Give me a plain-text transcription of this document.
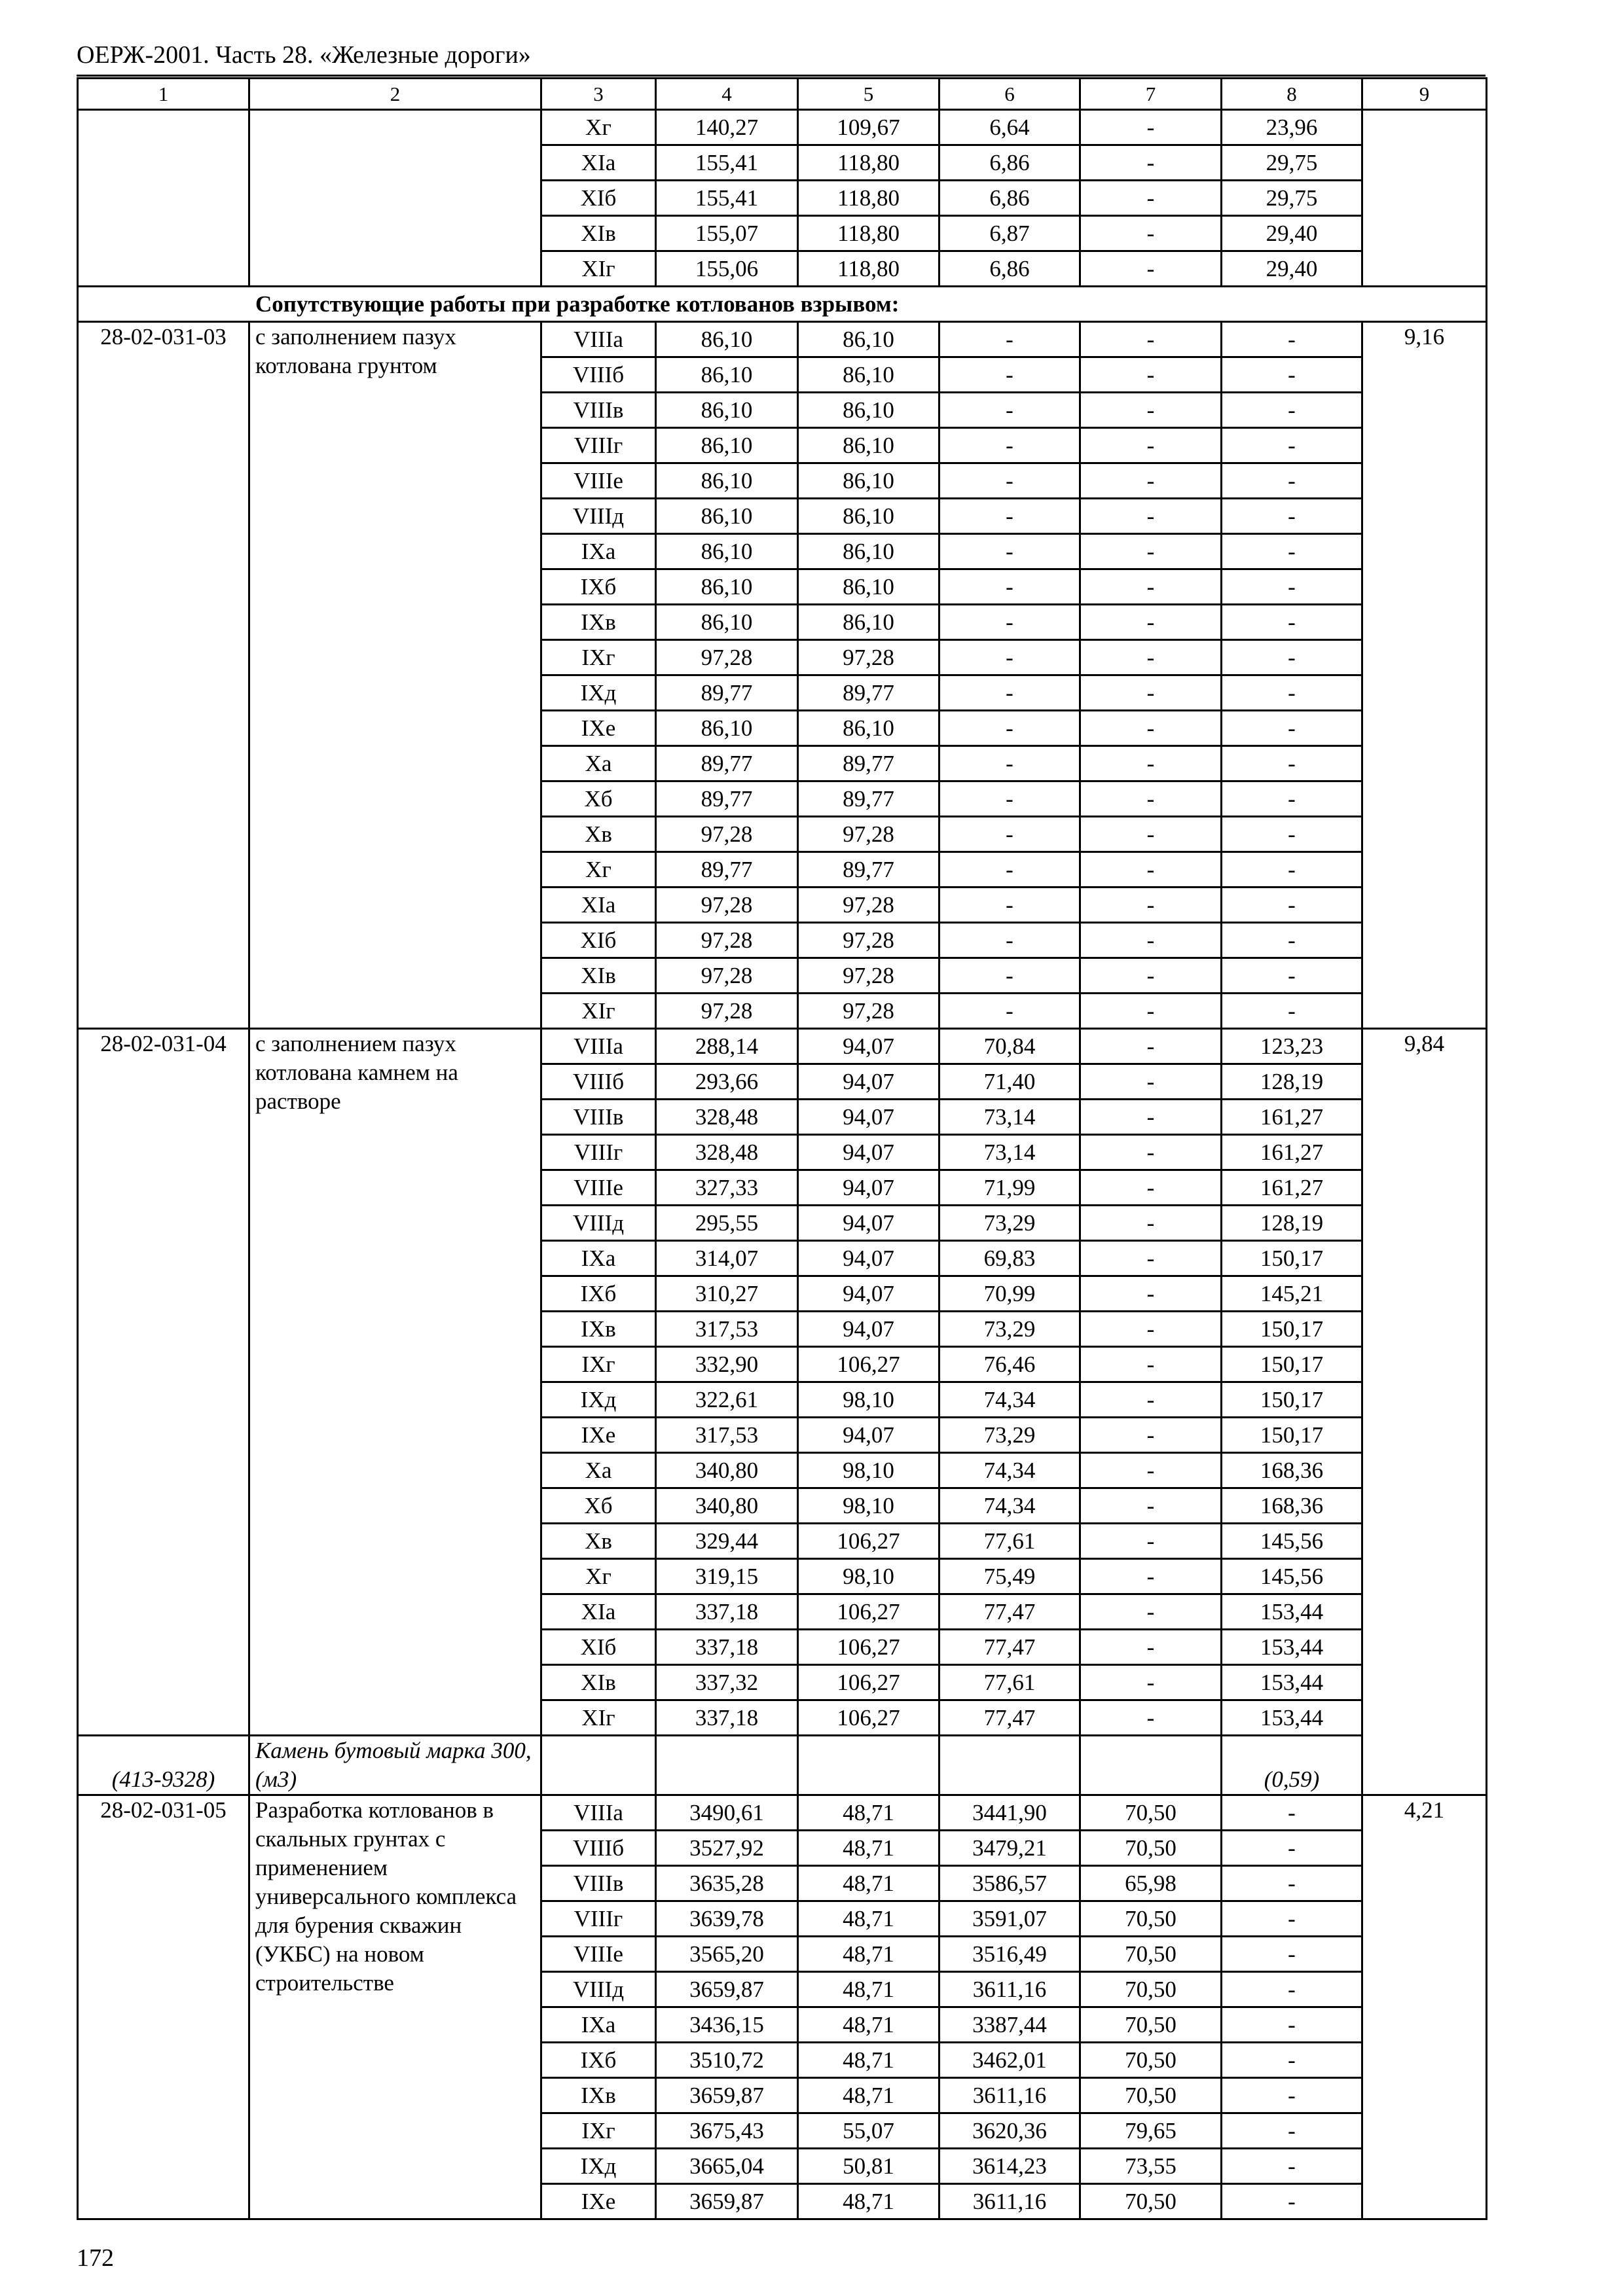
ОЕРЖ-2001. Часть 28. «Железные дороги»
1	2	3	4	5	6	7	8	9
		Xг	140,27	109,67	6,64	-	23,96	
		XIа	155,41	118,80	6,86	-	29,75	
		XIб	155,41	118,80	6,86	-	29,75	
		XIв	155,07	118,80	6,87	-	29,40	
		XIг	155,06	118,80	6,86	-	29,40	
Сопутствующие работы при разработке котлованов взрывом:								
28-02-031-03	с заполнением пазух котлована грунтом	VIIIа	86,10	86,10	-	-	-	9,16
		VIIIб	86,10	86,10	-	-	-	
		VIIIв	86,10	86,10	-	-	-	
		VIIIг	86,10	86,10	-	-	-	
		VIIIе	86,10	86,10	-	-	-	
		VIIIд	86,10	86,10	-	-	-	
		IXа	86,10	86,10	-	-	-	
		IXб	86,10	86,10	-	-	-	
		IXв	86,10	86,10	-	-	-	
		IXг	97,28	97,28	-	-	-	
		IXд	89,77	89,77	-	-	-	
		IXе	86,10	86,10	-	-	-	
		Xа	89,77	89,77	-	-	-	
		Xб	89,77	89,77	-	-	-	
		Xв	97,28	97,28	-	-	-	
		Xг	89,77	89,77	-	-	-	
		XIа	97,28	97,28	-	-	-	
		XIб	97,28	97,28	-	-	-	
		XIв	97,28	97,28	-	-	-	
		XIг	97,28	97,28	-	-	-	
28-02-031-04	с заполнением пазух котлована камнем на растворе	VIIIа	288,14	94,07	70,84	-	123,23	9,84
		VIIIб	293,66	94,07	71,40	-	128,19	
		VIIIв	328,48	94,07	73,14	-	161,27	
		VIIIг	328,48	94,07	73,14	-	161,27	
		VIIIе	327,33	94,07	71,99	-	161,27	
		VIIIд	295,55	94,07	73,29	-	128,19	
		IXа	314,07	94,07	69,83	-	150,17	
		IXб	310,27	94,07	70,99	-	145,21	
		IXв	317,53	94,07	73,29	-	150,17	
		IXг	332,90	106,27	76,46	-	150,17	
		IXд	322,61	98,10	74,34	-	150,17	
		IXе	317,53	94,07	73,29	-	150,17	
		Xа	340,80	98,10	74,34	-	168,36	
		Xб	340,80	98,10	74,34	-	168,36	
		Xв	329,44	106,27	77,61	-	145,56	
		Xг	319,15	98,10	75,49	-	145,56	
		XIа	337,18	106,27	77,47	-	153,44	
		XIб	337,18	106,27	77,47	-	153,44	
		XIв	337,32	106,27	77,61	-	153,44	
		XIг	337,18	106,27	77,47	-	153,44	
(413-9328)	Камень бутовый марка 300, (м3)						(0,59)	
28-02-031-05	Разработка котлованов в скальных грунтах с применением универсального комплекса для бурения скважин (УКБС) на новом строительстве	VIIIа	3490,61	48,71	3441,90	70,50	-	4,21
		VIIIб	3527,92	48,71	3479,21	70,50	-	
		VIIIв	3635,28	48,71	3586,57	65,98	-	
		VIIIг	3639,78	48,71	3591,07	70,50	-	
		VIIIе	3565,20	48,71	3516,49	70,50	-	
		VIIIд	3659,87	48,71	3611,16	70,50	-	
		IXа	3436,15	48,71	3387,44	70,50	-	
		IXб	3510,72	48,71	3462,01	70,50	-	
		IXв	3659,87	48,71	3611,16	70,50	-	
		IXг	3675,43	55,07	3620,36	79,65	-	
		IXд	3665,04	50,81	3614,23	73,55	-	
		IXе	3659,87	48,71	3611,16	70,50	-	
172
